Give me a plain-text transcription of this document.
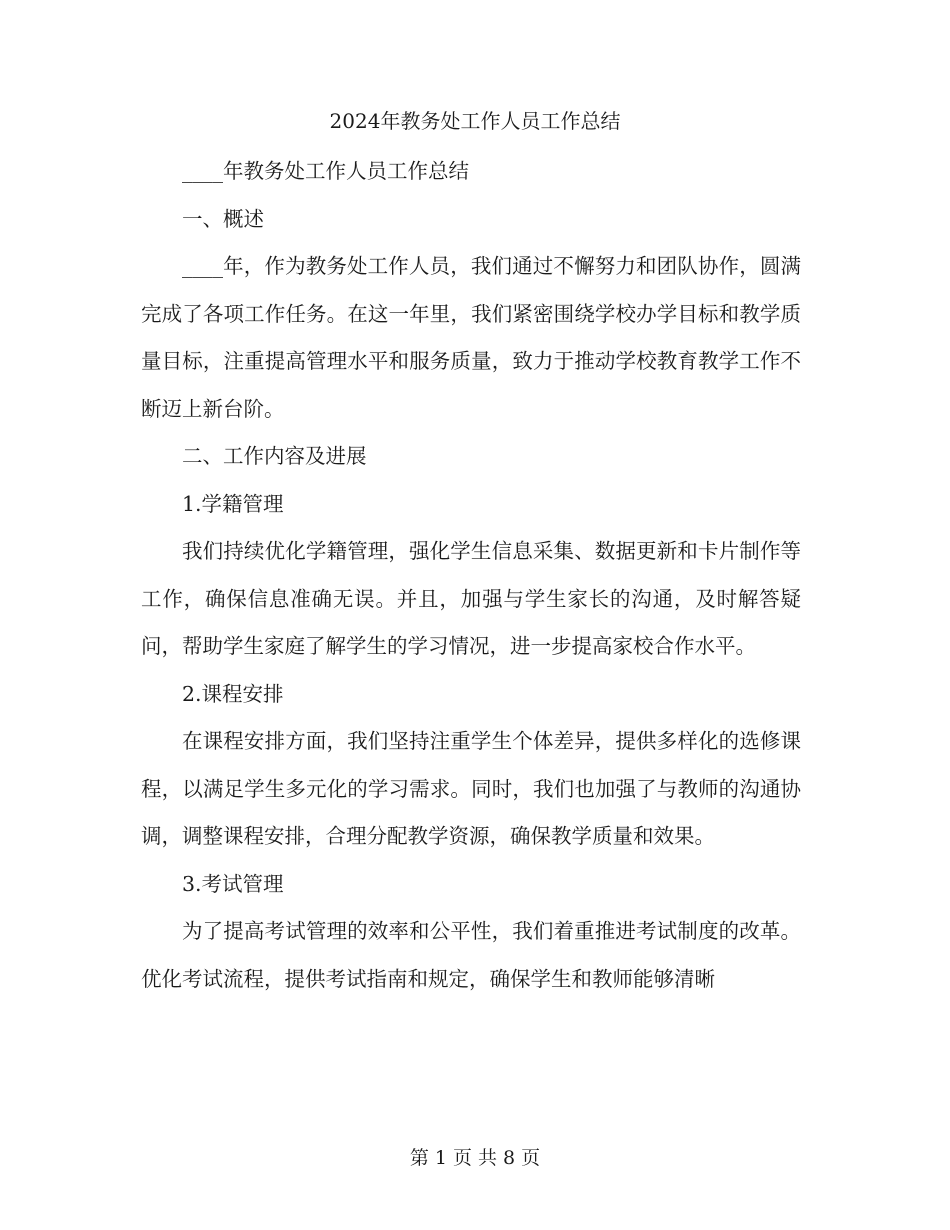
2024年教务处工作人员工作总结

____年教务处工作人员工作总结

一、概述

____年，作为教务处工作人员，我们通过不懈努力和团队协作，圆满完成了各项工作任务。在这一年里，我们紧密围绕学校办学目标和教学质量目标，注重提高管理水平和服务质量，致力于推动学校教育教学工作不断迈上新台阶。

二、工作内容及进展

1.学籍管理

我们持续优化学籍管理，强化学生信息采集、数据更新和卡片制作等工作，确保信息准确无误。并且，加强与学生家长的沟通，及时解答疑问，帮助学生家庭了解学生的学习情况，进一步提高家校合作水平。

2.课程安排

在课程安排方面，我们坚持注重学生个体差异，提供多样化的选修课程，以满足学生多元化的学习需求。同时，我们也加强了与教师的沟通协调，调整课程安排，合理分配教学资源，确保教学质量和效果。

3.考试管理

为了提高考试管理的效率和公平性，我们着重推进考试制度的改革。优化考试流程，提供考试指南和规定，确保学生和教师能够清晰

第 1 页 共 8 页
